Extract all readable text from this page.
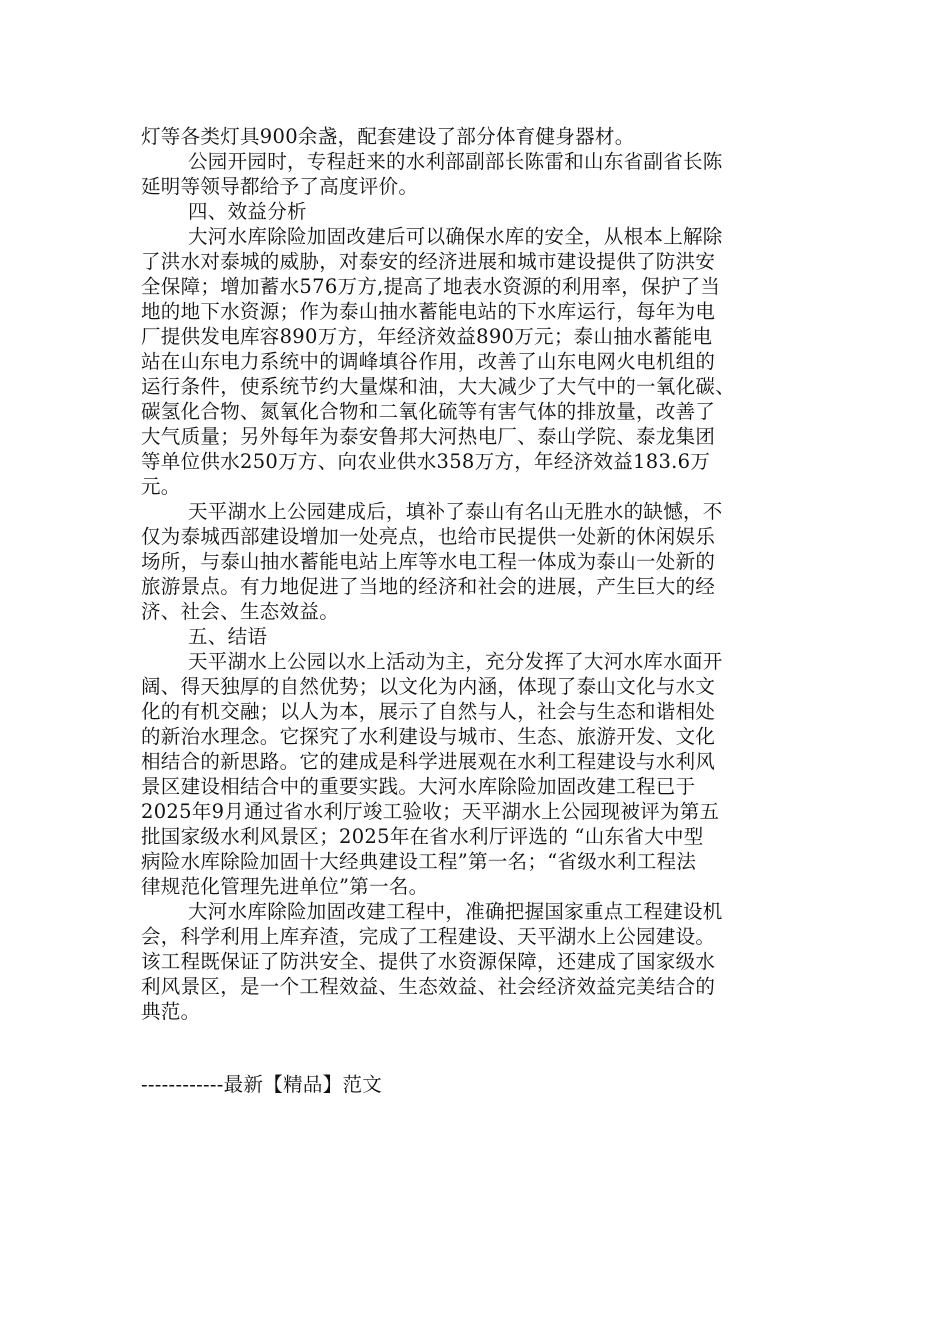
灯等各类灯具900余盏，配套建设了部分体育健身器材。
公园开园时，专程赶来的水利部副部长陈雷和山东省副省长陈
延明等领导都给予了高度评价。
四、效益分析
大河水库除险加固改建后可以确保水库的安全，从根本上解除
了洪水对泰城的威胁，对泰安的经济进展和城市建设提供了防洪安
全保障；增加蓄水576万方,提高了地表水资源的利用率，保护了当
地的地下水资源；作为泰山抽水蓄能电站的下水库运行，每年为电
厂提供发电库容890万方，年经济效益890万元；泰山抽水蓄能电
站在山东电力系统中的调峰填谷作用，改善了山东电网火电机组的
运行条件，使系统节约大量煤和油，大大减少了大气中的一氧化碳、
碳氢化合物、氮氧化合物和二氧化硫等有害气体的排放量，改善了
大气质量；另外每年为泰安鲁邦大河热电厂、泰山学院、泰龙集团
等单位供水250万方、向农业供水358万方，年经济效益183.6万
元。
天平湖水上公园建成后，填补了泰山有名山无胜水的缺憾，不
仅为泰城西部建设增加一处亮点，也给市民提供一处新的休闲娱乐
场所，与泰山抽水蓄能电站上库等水电工程一体成为泰山一处新的
旅游景点。有力地促进了当地的经济和社会的进展，产生巨大的经
济、社会、生态效益。
五、结语
天平湖水上公园以水上活动为主，充分发挥了大河水库水面开
阔、得天独厚的自然优势；以文化为内涵，体现了泰山文化与水文
化的有机交融；以人为本，展示了自然与人，社会与生态和谐相处
的新治水理念。它探究了水利建设与城市、生态、旅游开发、文化
相结合的新思路。它的建成是科学进展观在水利工程建设与水利风
景区建设相结合中的重要实践。大河水库除险加固改建工程已于
2025年9月通过省水利厅竣工验收；天平湖水上公园现被评为第五
批国家级水利风景区；2025年在省水利厅评选的 “山东省大中型
病险水库除险加固十大经典建设工程”第一名；“省级水利工程法
律规范化管理先进单位”第一名。
大河水库除险加固改建工程中，准确把握国家重点工程建设机
会，科学利用上库弃渣，完成了工程建设、天平湖水上公园建设。
该工程既保证了防洪安全、提供了水资源保障，还建成了国家级水
利风景区，是一个工程效益、生态效益、社会经济效益完美结合的
典范。
------------最新【精品】范文
